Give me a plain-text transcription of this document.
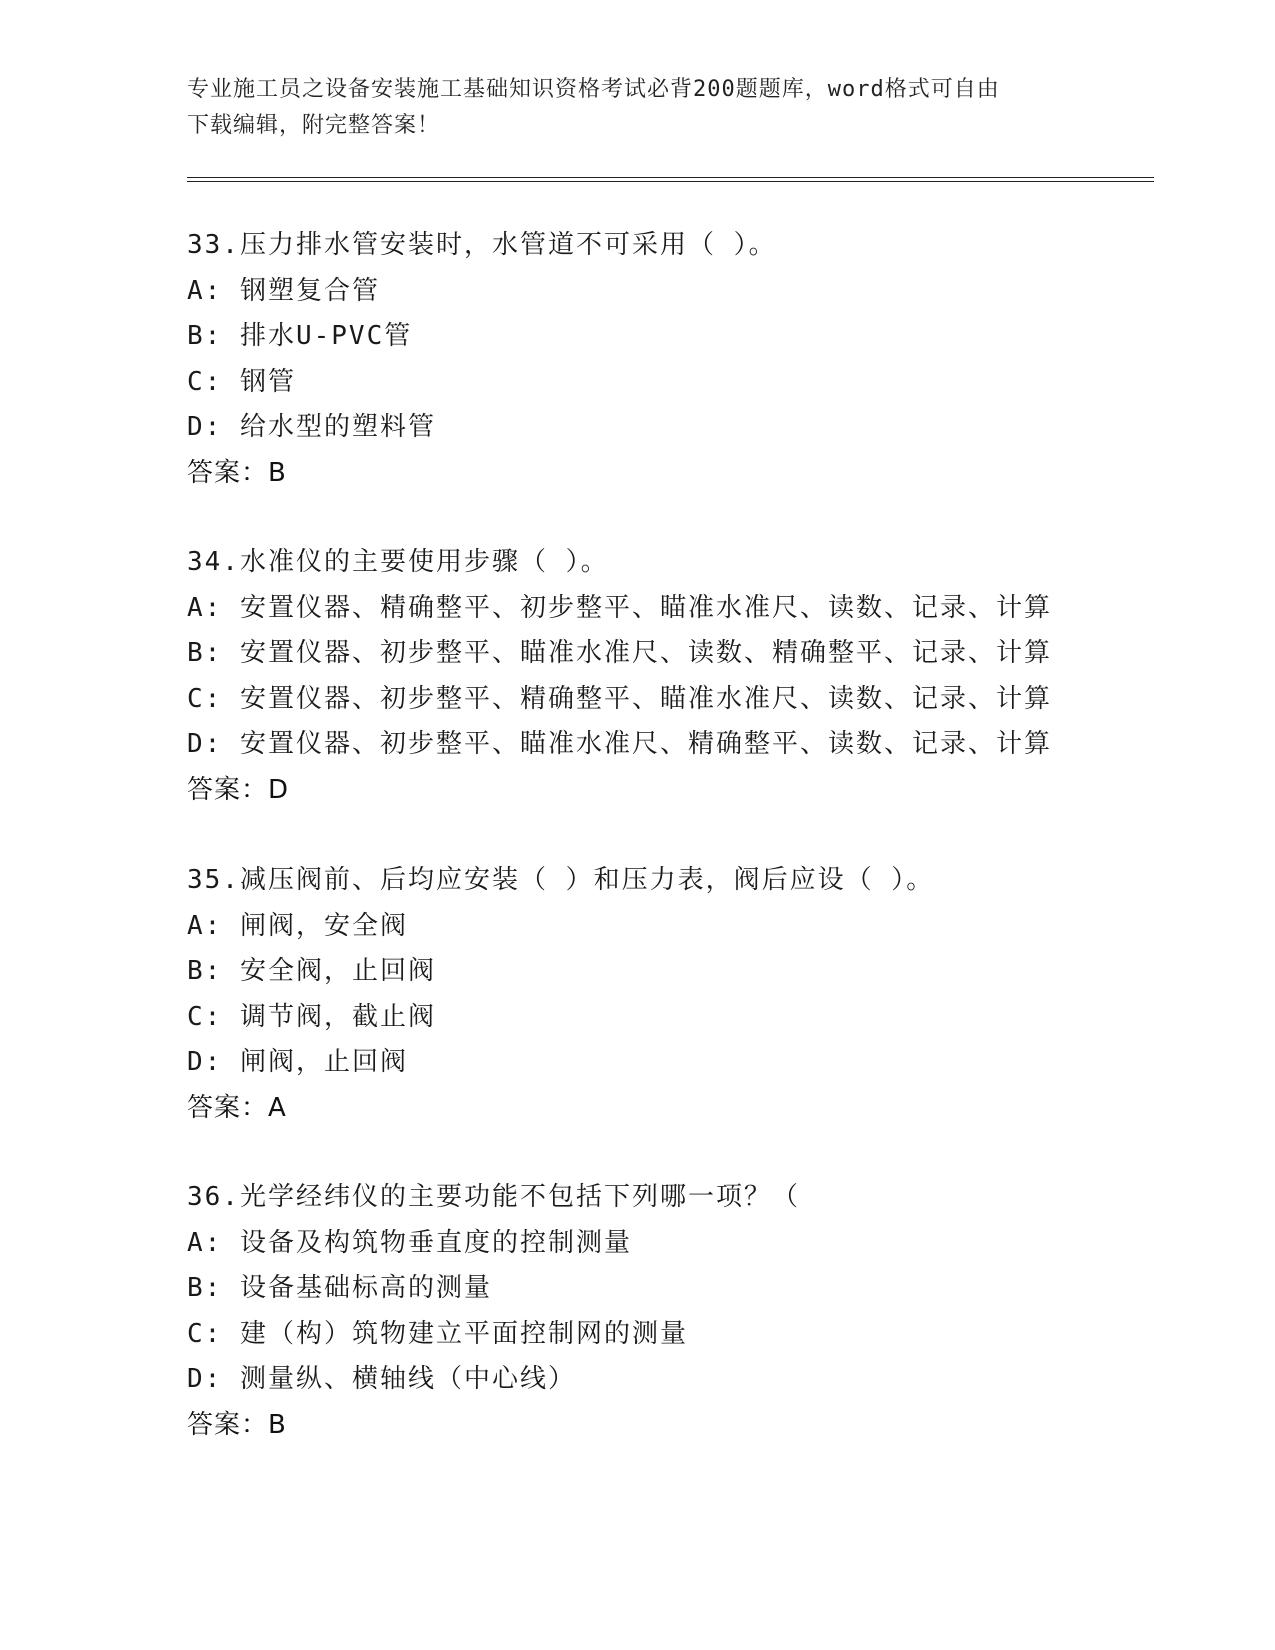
专业施工员之设备安装施工基础知识资格考试必背200题题库，word格式可自由
下载编辑，附完整答案！
33.压力排水管安装时，水管道不可采用（ ）。
A: 钢塑复合管
B: 排水U-PVC管
C: 钢管
D: 给水型的塑料管
答案：B
34.水准仪的主要使用步骤（ ）。
A: 安置仪器、精确整平、初步整平、瞄准水准尺、读数、记录、计算
B: 安置仪器、初步整平、瞄准水准尺、读数、精确整平、记录、计算
C: 安置仪器、初步整平、精确整平、瞄准水准尺、读数、记录、计算
D: 安置仪器、初步整平、瞄准水准尺、精确整平、读数、记录、计算
答案：D
35.减压阀前、后均应安装（ ）和压力表，阀后应设（ ）。
A: 闸阀，安全阀
B: 安全阀，止回阀
C: 调节阀，截止阀
D: 闸阀，止回阀
答案：A
36.光学经纬仪的主要功能不包括下列哪一项？（
A: 设备及构筑物垂直度的控制测量
B: 设备基础标高的测量
C: 建（构）筑物建立平面控制网的测量
D: 测量纵、横轴线（中心线）
答案：B
